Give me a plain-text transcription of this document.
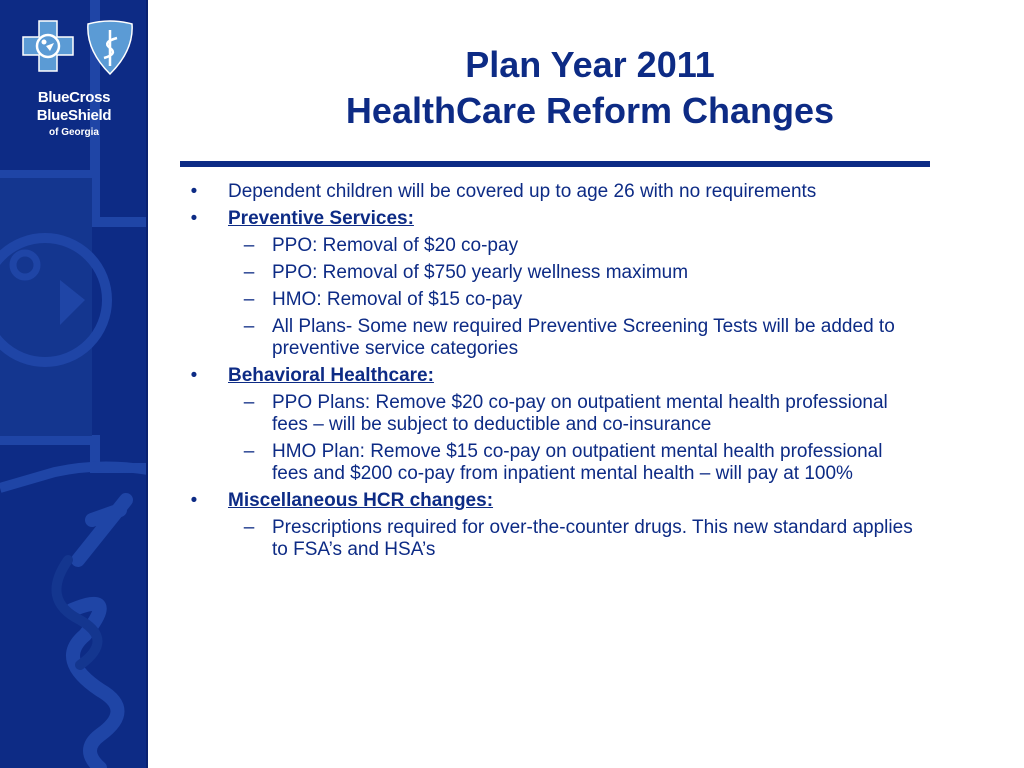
BlueCross
BlueShield
of Georgia
Plan Year 2011
HealthCare Reform Changes
•	Dependent children will be covered up to age 26 with no requirements
•	Preventive Services:
– PPO: Removal of $20 co-pay
– PPO: Removal of $750 yearly wellness maximum
– HMO: Removal of $15 co-pay
– All Plans- Some new required Preventive Screening Tests will be added to preventive service categories
•	Behavioral Healthcare:
– PPO Plans: Remove $20 co-pay on outpatient mental health professional fees – will be subject to deductible and co-insurance
– HMO Plan: Remove $15 co-pay on outpatient mental health professional fees and $200 co-pay from inpatient mental health – will pay at 100%
•	Miscellaneous HCR changes:
– Prescriptions required for over-the-counter drugs. This new standard applies to FSA’s and HSA’s
